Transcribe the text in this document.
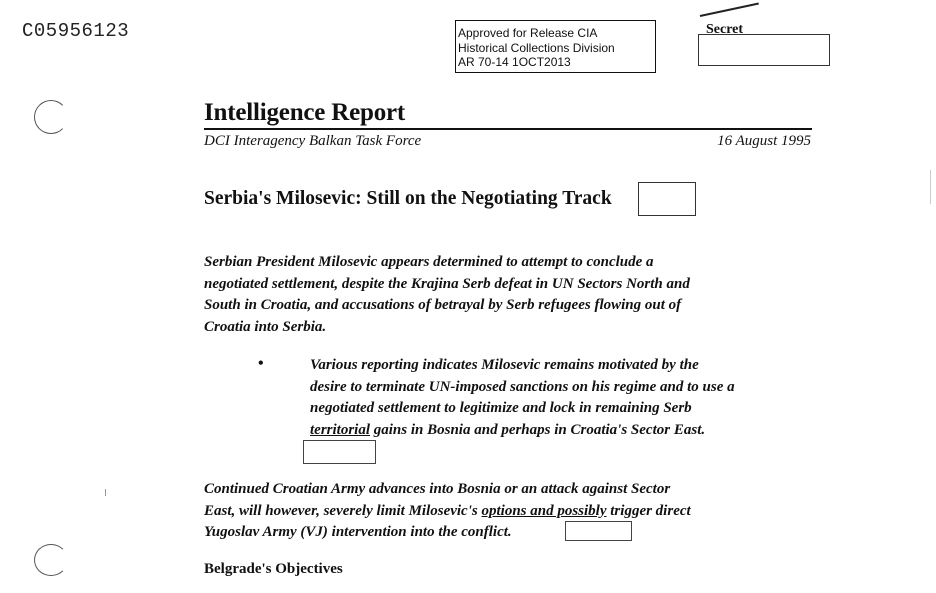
C05956123	Approved for Release CIA
Historical Collections Division
AR 70-14 1OCT2013
Secret
Intelligence Report
DCI Interagency Balkan Task Force	16 August 1995
Serbia's Milosevic: Still on the Negotiating Track
Serbian President Milosevic appears determined to attempt to conclude a
negotiated settlement, despite the Krajina Serb defeat in UN Sectors North and
South in Croatia, and accusations of betrayal by Serb refugees flowing out of
Croatia into Serbia.
•	Various reporting indicates Milosevic remains motivated by the
desire to terminate UN-imposed sanctions on his regime and to use a
negotiated settlement to legitimize and lock in remaining Serb
territorial gains in Bosnia and perhaps in Croatia's Sector East.
Continued Croatian Army advances into Bosnia or an attack against Sector
East, will however, severely limit Milosevic's options and possibly trigger direct
Yugoslav Army (VJ) intervention into the conflict.
Belgrade's Objectives
